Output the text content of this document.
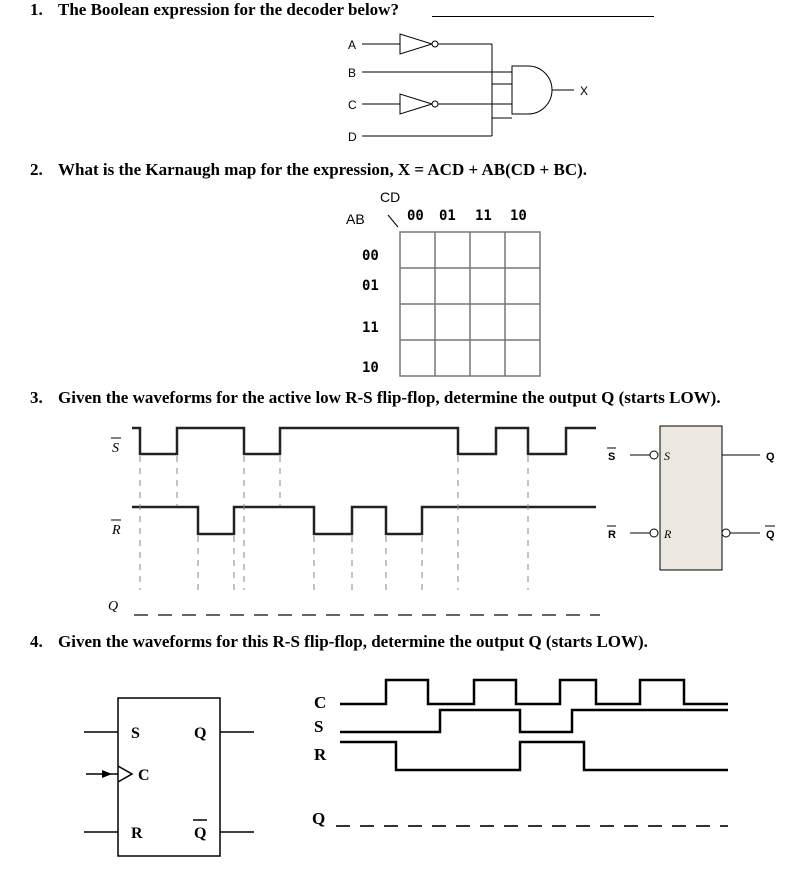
1. The Boolean expression for the decoder below?
2. What is the Karnaugh map for the expression, X = ACD + AB(CD + BC).
3. Given the waveforms for the active low R-S flip-flop, determine the output Q (starts LOW).
4. Given the waveforms for this R-S flip-flop, determine the output Q (starts LOW).
A
B
C
D
X
CD
AB	00 01 11 10
00
01
11
10
S
R
Q
S
R
S
R
Q
Q
S	Q
C
R	Q
C
S
R
Q
